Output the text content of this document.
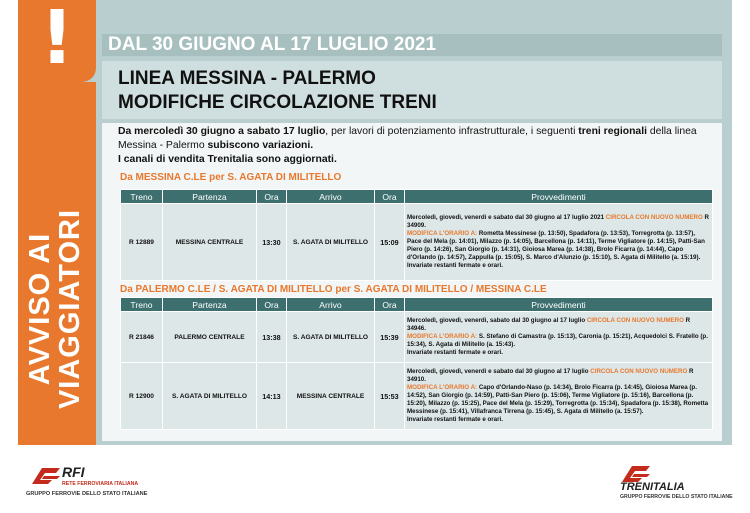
!
AVVISO AI
VIAGGIATORI
DAL 30 GIUGNO AL 17 LUGLIO 2021
LINEA MESSINA - PALERMO
MODIFICHE CIRCOLAZIONE TRENI
Da mercoledì 30 giugno a sabato 17 luglio, per lavori di potenziamento infrastrutturale, i seguenti treni regionali della linea Messina - Palermo subiscono variazioni.
I canali di vendita Trenitalia sono aggiornati.
Da MESSINA C.LE per S. AGATA DI MILITELLO
Treno	Partenza	Ora	Arrivo	Ora	Provvedimenti
R 12889	MESSINA CENTRALE	13:30	S. AGATA DI MILITELLO	15:09	Mercoledì, giovedì, venerdì e sabato dal 30 giugno al 17 luglio 2021 CIRCOLA CON NUOVO NUMERO R 34909.
MODIFICA L'ORARIO A: Rometta Messinese (p. 13:50), Spadafora (p. 13:53), Torregrotta (p. 13:57), Pace del Mela (p. 14:01), Milazzo (p. 14:05), Barcellona (p. 14:11), Terme Vigliatore (p. 14:15), Patti-San Piero (p. 14:26), San Giorgio (p. 14:31), Gioiosa Marea (p. 14:38), Brolo Ficarra (p. 14:44), Capo d'Orlando (p. 14:57), Zappulla (p. 15:05), S. Marco d'Alunzio (p. 15:10), S. Agata di Militello (a. 15:19).
Invariate restanti fermate e orari.
Da PALERMO C.LE / S. AGATA DI MILITELLO per S. AGATA DI MILITELLO / MESSINA C.LE
Treno	Partenza	Ora	Arrivo	Ora	Provvedimenti
R 21846	PALERMO CENTRALE	13:38	S. AGATA DI MILITELLO	15:39	Mercoledì, giovedì, venerdì, sabato dal 30 giugno al 17 luglio CIRCOLA CON NUOVO NUMERO R 34946.
MODIFICA L'ORARIO A: S. Stefano di Camastra (p. 15:13), Caronia (p. 15:21), Acquedolci S. Fratello (p. 15:34), S. Agata di Militello (a. 15:43).
Invariate restanti fermate e orari.
R 12900	S. AGATA DI MILITELLO	14:13	MESSINA CENTRALE	15:53	Mercoledì, giovedì, venerdì e sabato dal 30 giugno al 17 luglio CIRCOLA CON NUOVO NUMERO R 34910.
MODIFICA L'ORARIO A: Capo d'Orlando-Naso (p. 14:34), Brolo Ficarra (p. 14:45), Gioiosa Marea (p. 14:52), San Giorgio (p. 14:59), Patti-San Piero (p. 15:06), Terme Vigliatore (p. 15:16), Barcellona (p. 15:20), Milazzo (p. 15:25), Pace del Mela (p. 15:29), Torregrotta (p. 15:34), Spadafora (p. 15:38), Rometta Messinese (p. 15:41), Villafranca Tirrena (p. 15:45), S. Agata di Militello (a. 15:57).
Invariate restanti fermate e orari.
RFI
RETE FERROVIARIA ITALIANA
GRUPPO FERROVIE DELLO STATO ITALIANE
TRENITALIA
GRUPPO FERROVIE DELLO STATO ITALIANE
